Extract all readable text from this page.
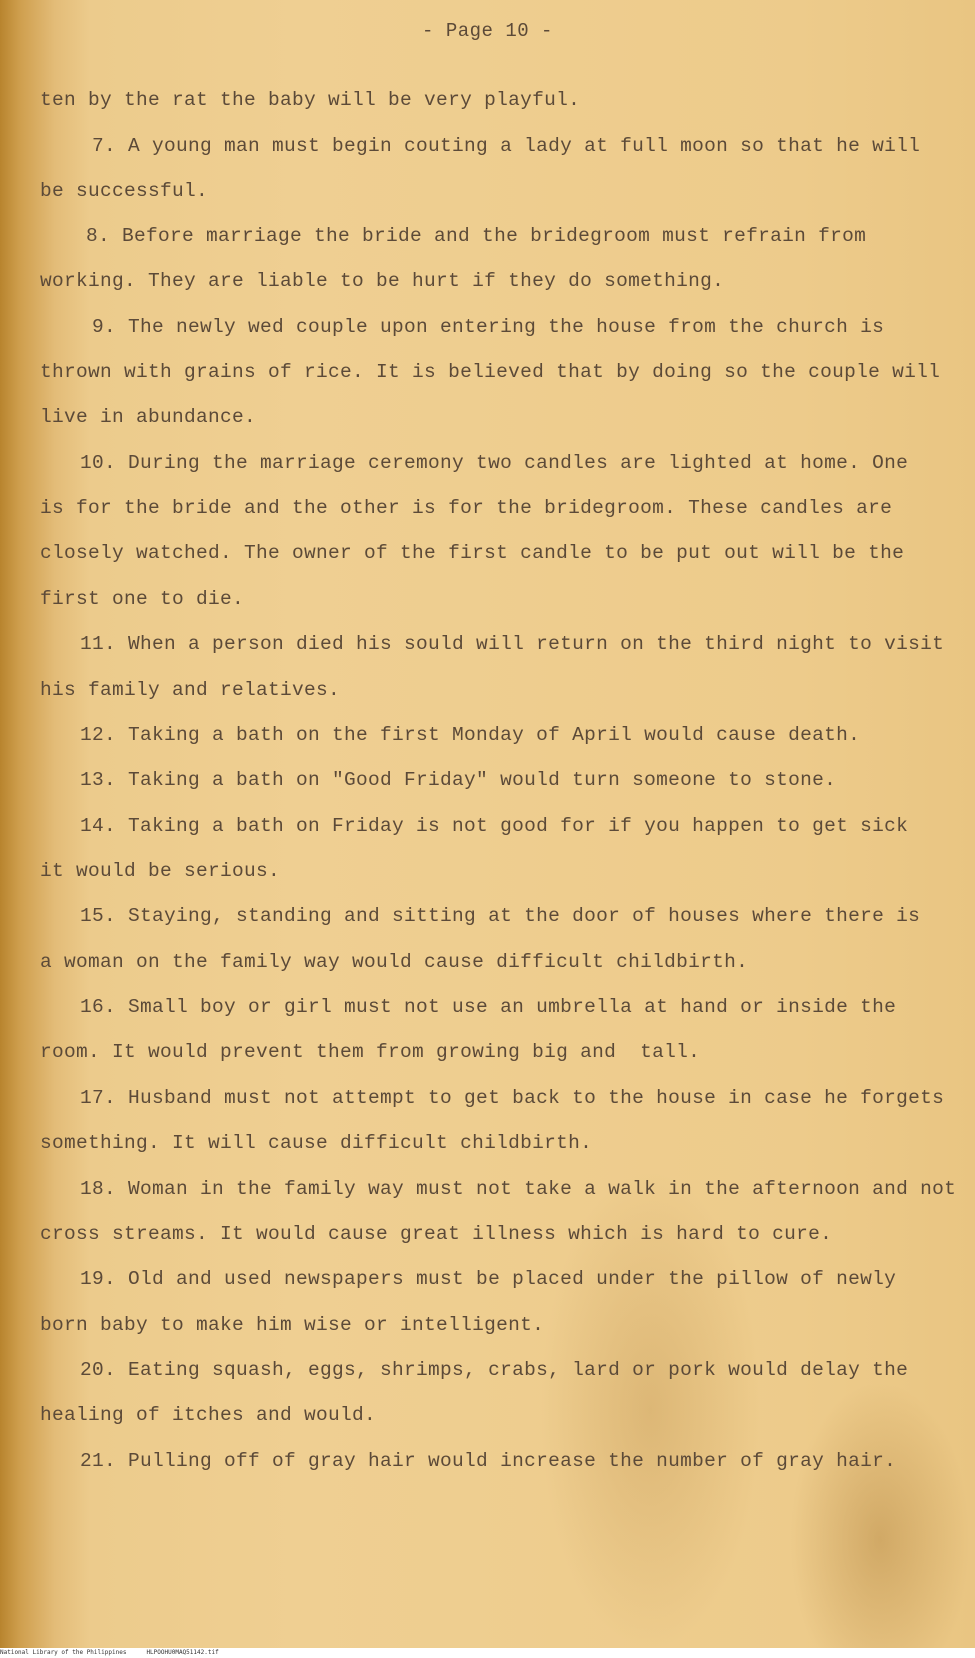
- Page 10 -
ten by the rat the baby will be very playful.
7. A young man must begin couting a lady at full moon so that he will
be successful.
8. Before marriage the bride and the bridegroom must refrain from
working. They are liable to be hurt if they do something.
9. The newly wed couple upon entering the house from the church is
thrown with grains of rice. It is believed that by doing so the couple will
live in abundance.
10. During the marriage ceremony two candles are lighted at home. One
is for the bride and the other is for the bridegroom. These candles are
closely watched. The owner of the first candle to be put out will be the
first one to die.
11. When a person died his sould will return on the third night to visit
his family and relatives.
12. Taking a bath on the first Monday of April would cause death.
13. Taking a bath on "Good Friday" would turn someone to stone.
14. Taking a bath on Friday is not good for if you happen to get sick
it would be serious.
15. Staying, standing and sitting at the door of houses where there is
a woman on the family way would cause difficult childbirth.
16. Small boy or girl must not use an umbrella at hand or inside the
room. It would prevent them from growing big and  tall.
17. Husband must not attempt to get back to the house in case he forgets
something. It will cause difficult childbirth.
18. Woman in the family way must not take a walk in the afternoon and not
cross streams. It would cause great illness which is hard to cure.
19. Old and used newspapers must be placed under the pillow of newly
born baby to make him wise or intelligent.
20. Eating squash, eggs, shrimps, crabs, lard or pork would delay the
healing of itches and would.
21. Pulling off of gray hair would increase the number of gray hair.
National Library of the Philippines	HLPOOHU0MAQ51142.tif
